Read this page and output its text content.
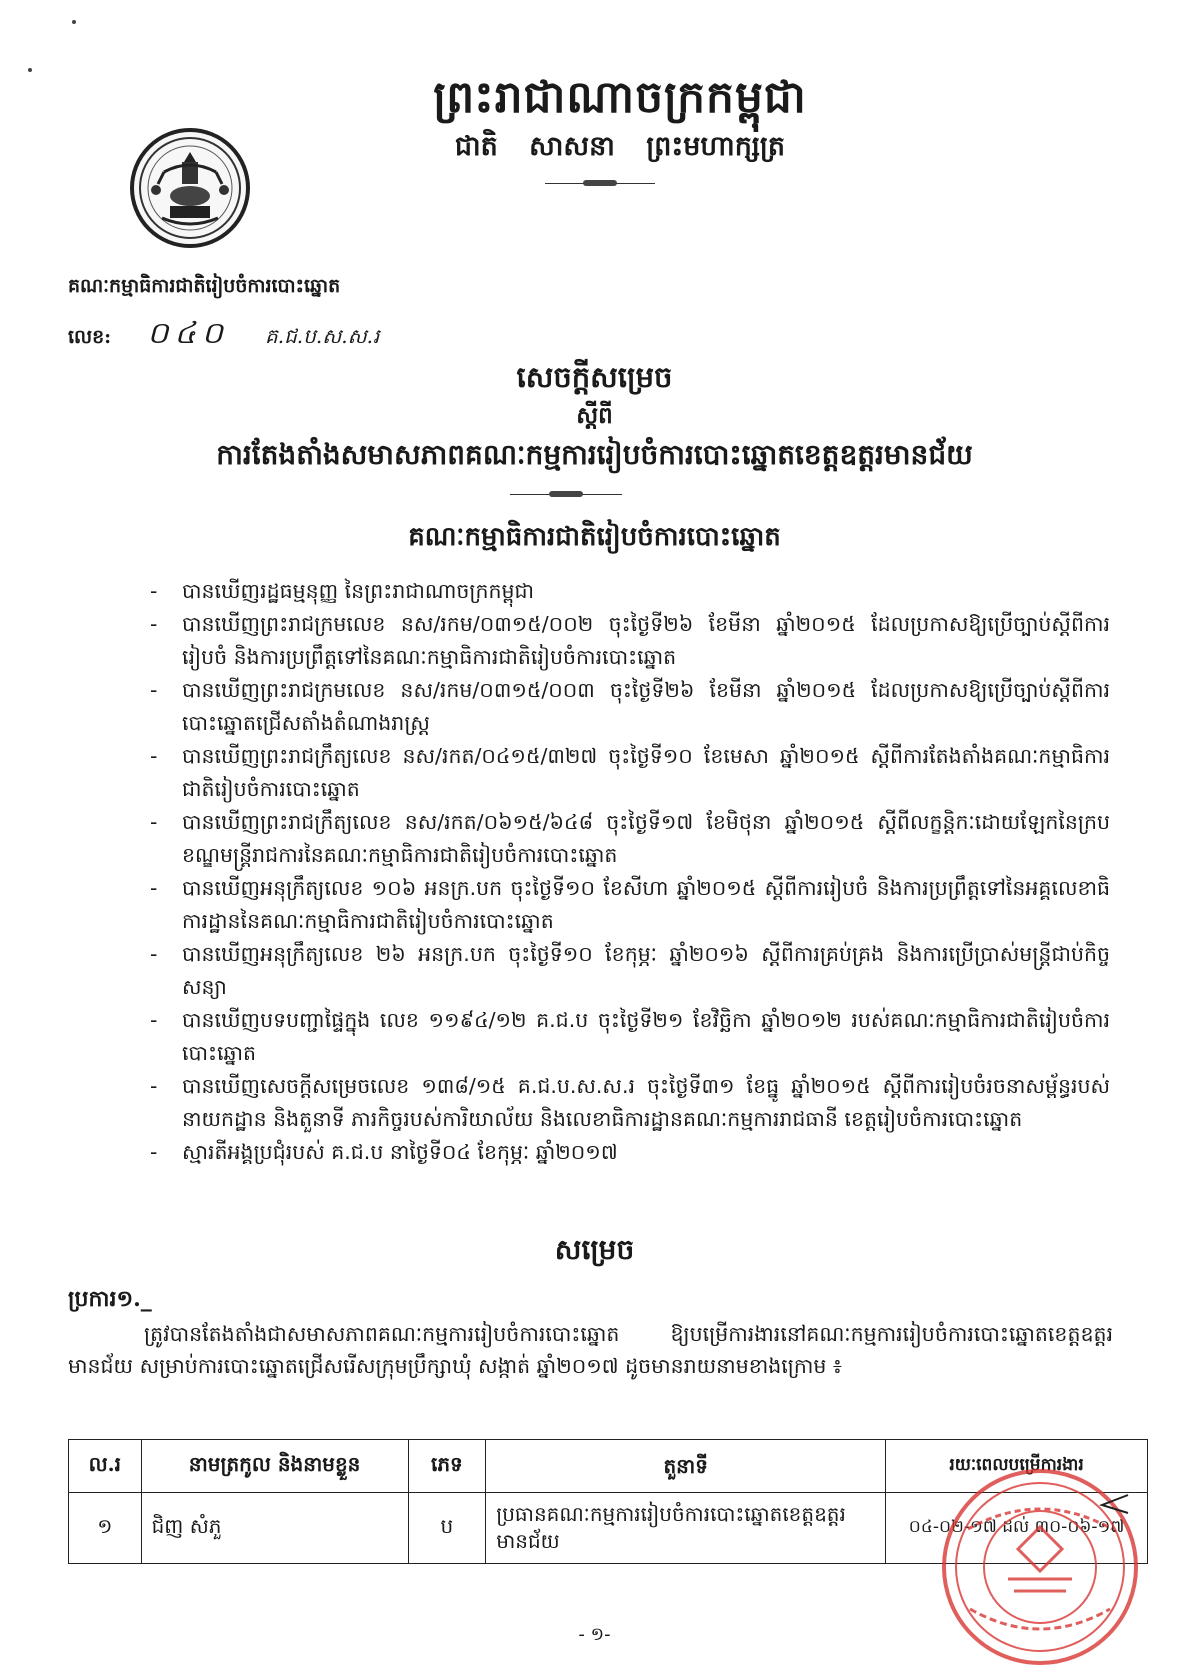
ព្រះរាជាណាចក្រកម្ពុជា
ជាតិ សាសនា ព្រះមហាក្សត្រ
គណៈកម្មាធិការជាតិរៀបចំការបោះឆ្នោត
លេខ: ០៤០ គ.ជ.ប.ស.ស.រ
សេចក្តីសម្រេច
ស្តីពី
ការតែងតាំងសមាសភាពគណៈកម្មការរៀបចំការបោះឆ្នោតខេត្តឧត្តរមានជ័យ
គណៈកម្មាធិការជាតិរៀបចំការបោះឆ្នោត
- បានឃើញរដ្ឋធម្មនុញ្ញ នៃព្រះរាជាណាចក្រកម្ពុជា
- បានឃើញព្រះរាជក្រមលេខ នស/រកម/០៣១៥/០០២ ចុះថ្ងៃទី២៦ ខែមីនា ឆ្នាំ២០១៥ ដែលប្រកាសឱ្យប្រើច្បាប់ស្តីពីការរៀបចំ និងការប្រព្រឹត្តទៅនៃគណៈកម្មាធិការជាតិរៀបចំការបោះឆ្នោត
- បានឃើញព្រះរាជក្រមលេខ នស/រកម/០៣១៥/០០៣ ចុះថ្ងៃទី២៦ ខែមីនា ឆ្នាំ២០១៥ ដែលប្រកាសឱ្យប្រើច្បាប់ស្តីពីការបោះឆ្នោតជ្រើសតាំងតំណាងរាស្ត្រ
- បានឃើញព្រះរាជក្រឹត្យលេខ នស/រកត/០៤១៥/៣២៧ ចុះថ្ងៃទី១០ ខែមេសា ឆ្នាំ២០១៥ ស្តីពីការតែងតាំងគណៈកម្មាធិការជាតិរៀបចំការបោះឆ្នោត
- បានឃើញព្រះរាជក្រឹត្យលេខ នស/រកត/០៦១៥/៦៤៨ ចុះថ្ងៃទី១៧ ខែមិថុនា ឆ្នាំ២០១៥ ស្តីពីលក្ខន្តិកៈដោយឡែកនៃក្របខណ្ឌមន្ត្រីរាជការនៃគណៈកម្មាធិការជាតិរៀបចំការបោះឆ្នោត
- បានឃើញអនុក្រឹត្យលេខ ១០៦ អនក្រ.បក ចុះថ្ងៃទី១០ ខែសីហា ឆ្នាំ២០១៥ ស្តីពីការរៀបចំ និងការប្រព្រឹត្តទៅនៃអគ្គលេខាធិការដ្ឋាននៃគណៈកម្មាធិការជាតិរៀបចំការបោះឆ្នោត
- បានឃើញអនុក្រឹត្យលេខ ២៦ អនក្រ.បក ចុះថ្ងៃទី១០ ខែកុម្ភៈ ឆ្នាំ២០១៦ ស្តីពីការគ្រប់គ្រង និងការប្រើប្រាស់មន្ត្រីជាប់កិច្ចសន្យា
- បានឃើញបទបញ្ជាផ្ទៃក្នុង លេខ ១១៩៤/១២ គ.ជ.ប ចុះថ្ងៃទី២១ ខែវិច្ឆិកា ឆ្នាំ២០១២ របស់គណៈកម្មាធិការជាតិរៀបចំការបោះឆ្នោត
- បានឃើញសេចក្តីសម្រេចលេខ ១៣៨/១៥ គ.ជ.ប.ស.ស.រ ចុះថ្ងៃទី៣១ ខែធ្នូ ឆ្នាំ២០១៥ ស្តីពីការរៀបចំរចនាសម្ព័ន្ធរបស់នាយកដ្ឋាន និងតួនាទី ភារកិច្ចរបស់ការិយាល័យ និងលេខាធិការដ្ឋានគណៈកម្មការរាជធានី ខេត្តរៀបចំការបោះឆ្នោត
- ស្មារតីអង្គប្រជុំរបស់ គ.ជ.ប នាថ្ងៃទី០៤ ខែកុម្ភៈ ឆ្នាំ២០១៧
សម្រេច
ប្រការ១._
ត្រូវបានតែងតាំងជាសមាសភាពគណៈកម្មការរៀបចំការបោះឆ្នោត ឱ្យបម្រើការងារនៅគណៈកម្មការរៀបចំការបោះឆ្នោតខេត្តឧត្តរមានជ័យ សម្រាប់ការបោះឆ្នោតជ្រើសរើសក្រុមប្រឹក្សាឃុំ សង្កាត់ ឆ្នាំ២០១៧ ដូចមានរាយនាមខាងក្រោម ៖
ល.រ	នាមត្រកូល និងនាមខ្លួន	ភេទ	តួនាទី	រយៈពេលបម្រើការងារ
១	ជិញ សំភួ	ប	ប្រធានគណៈកម្មការរៀបចំការបោះឆ្នោតខេត្តឧត្តរមានជ័យ	០៤-០២-១៧ ដល់ ៣០-០៦-១៧
- ១-
